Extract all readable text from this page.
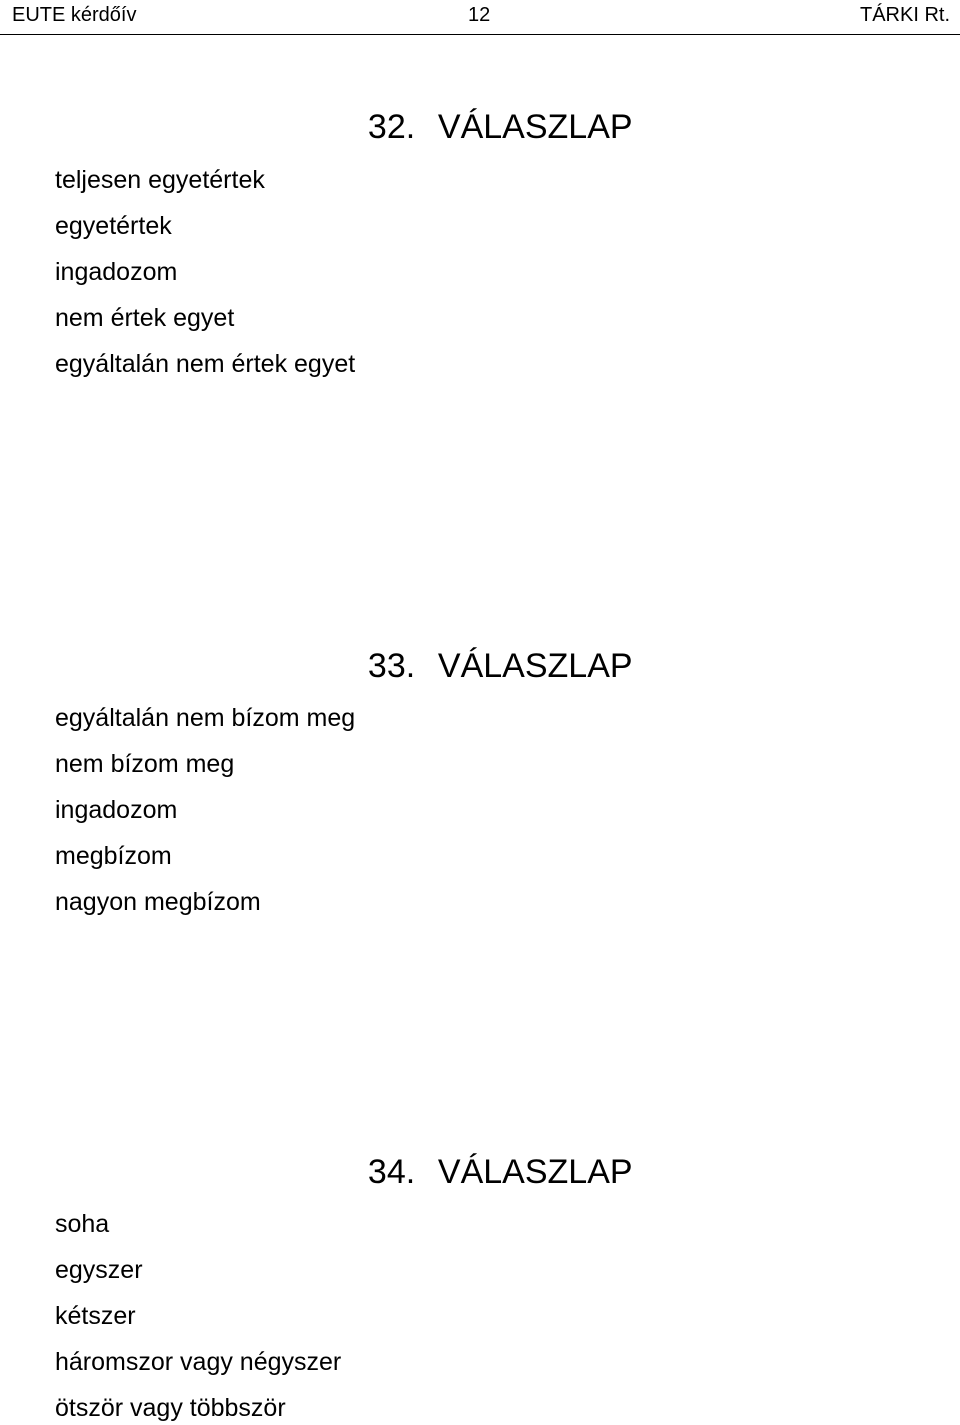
EUTE kérdőív	12	TÁRKI Rt.

32. VÁLASZLAP

teljesen egyetértek
egyetértek
ingadozom
nem értek egyet
egyáltalán nem értek egyet

33. VÁLASZLAP

egyáltalán nem bízom meg
nem bízom meg
ingadozom
megbízom
nagyon megbízom

34. VÁLASZLAP

soha
egyszer
kétszer
háromszor vagy négyszer
ötször vagy többször
